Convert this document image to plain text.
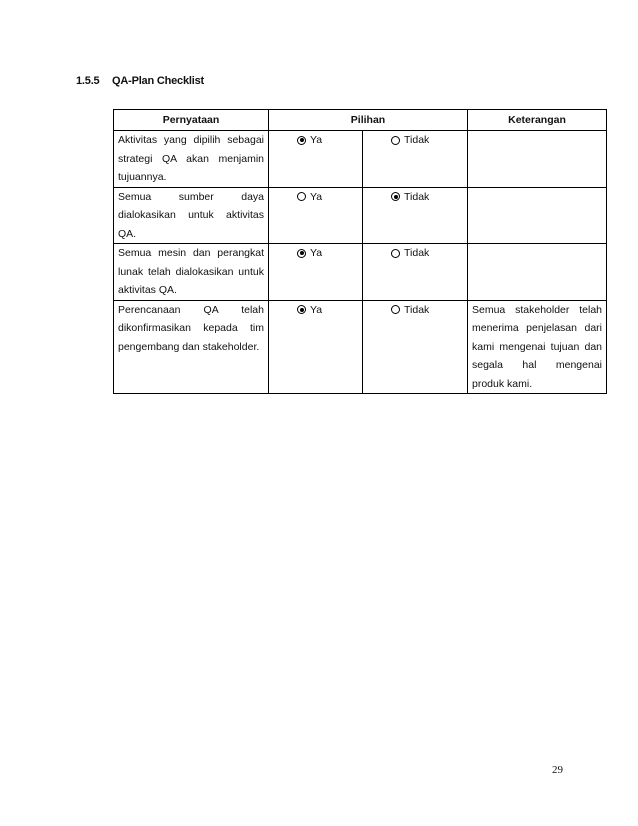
1.5.5 QA-Plan Checklist
Pernyataan	Pilihan		Keterangan
Aktivitas yang dipilih sebagai strategi QA akan menjamin tujuannya.	Ya	Tidak	

Semua sumber daya dialokasikan untuk aktivitas QA.	Ya	Tidak	

Semua mesin dan perangkat lunak telah dialokasikan untuk aktivitas QA.	Ya	Tidak	

Perencanaan QA telah dikonfirmasikan kepada tim pengembang dan stakeholder.	Ya	Tidak	Semua stakeholder telah menerima penjelasan dari kami mengenai tujuan dan segala hal mengenai produk kami.
29
